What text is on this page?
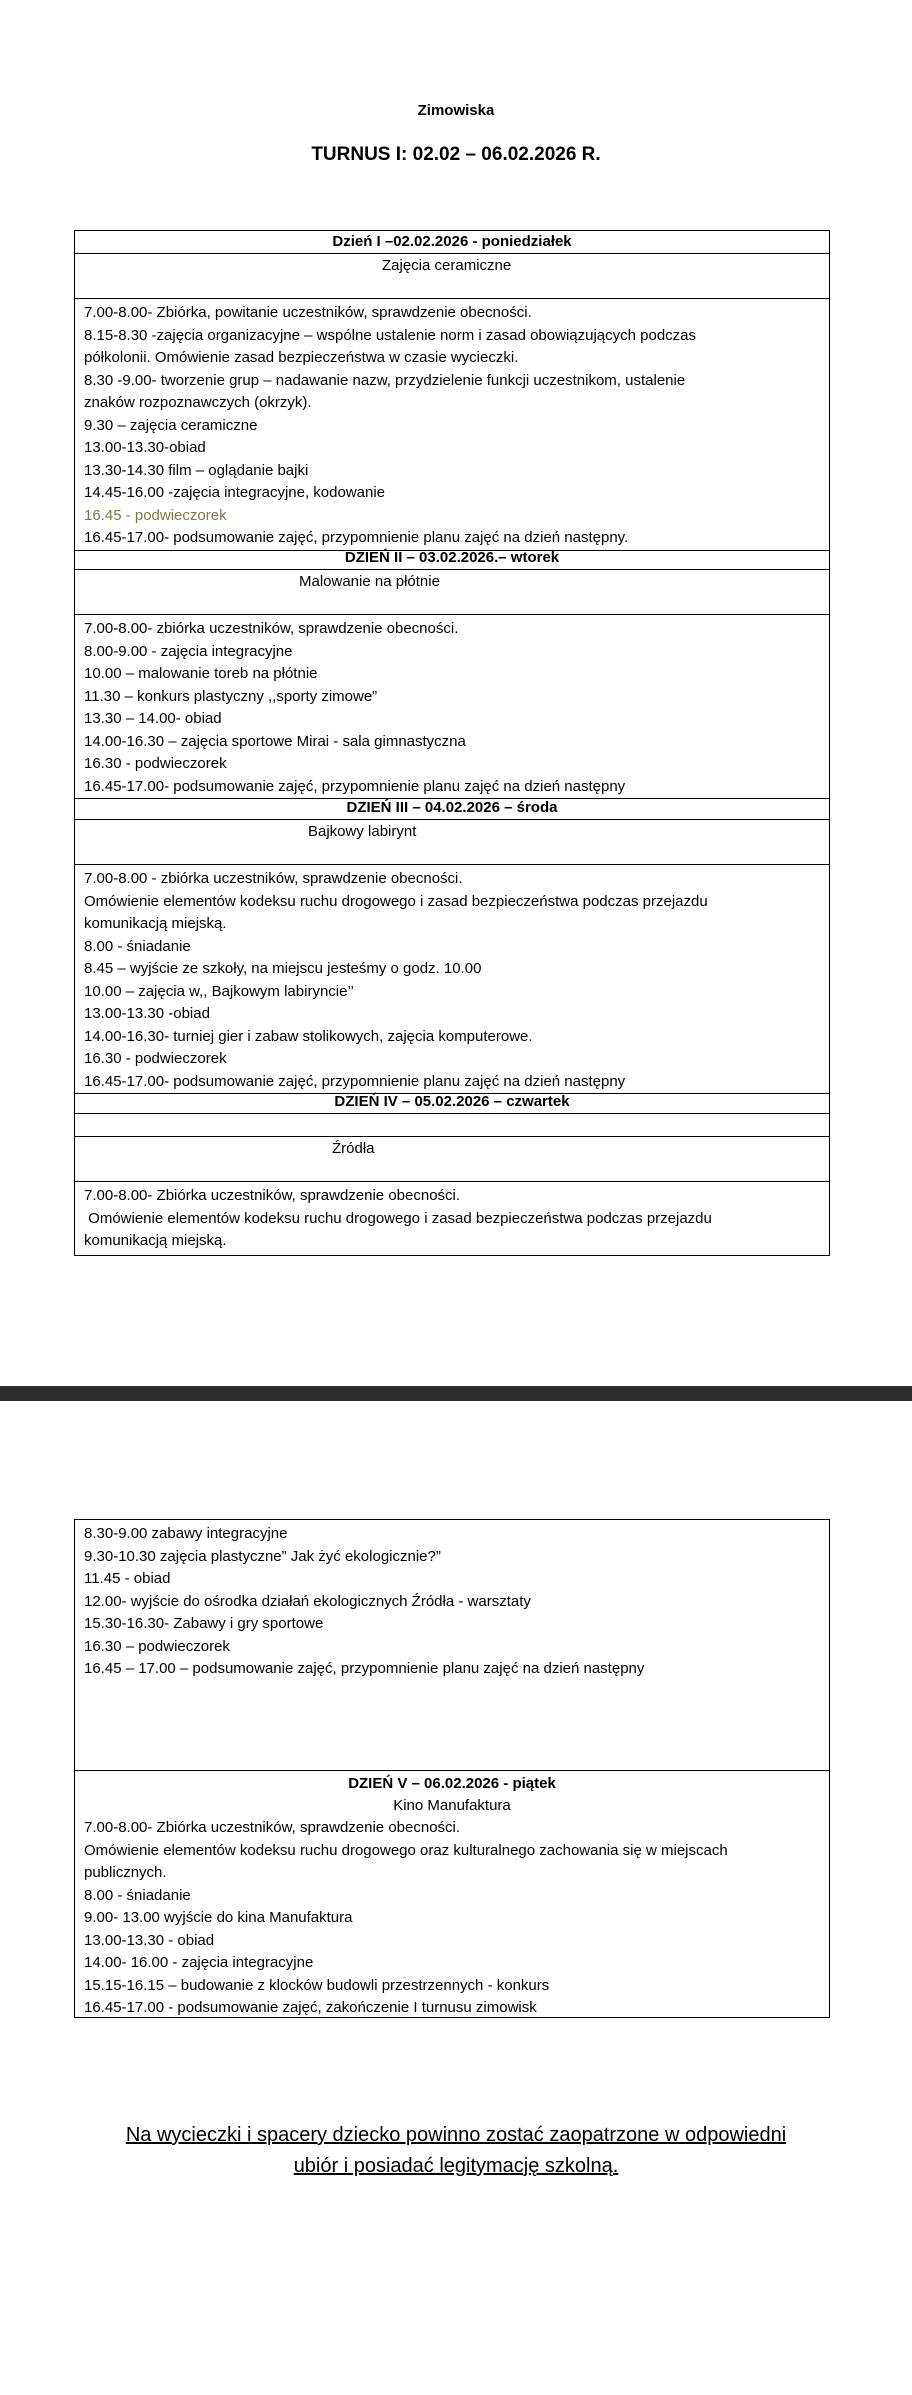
Zimowiska
TURNUS I: 02.02 – 06.02.2026 R.
Dzień I –02.02.2026 - poniedziałek
Zajęcia ceramiczne
7.00-8.00- Zbiórka, powitanie uczestników, sprawdzenie obecności.
8.15-8.30 -zajęcia organizacyjne – wspólne ustalenie norm i zasad obowiązujących podczas
półkolonii. Omówienie zasad bezpieczeństwa w czasie wycieczki.
8.30 -9.00- tworzenie grup – nadawanie nazw, przydzielenie funkcji uczestnikom, ustalenie
znaków rozpoznawczych (okrzyk).
9.30 – zajęcia ceramiczne
13.00-13.30-obiad
13.30-14.30 film – oglądanie bajki
14.45-16.00 -zajęcia integracyjne, kodowanie
16.45 - podwieczorek
16.45-17.00- podsumowanie zajęć, przypomnienie planu zajęć na dzień następny.
DZIEŃ II – 03.02.2026.– wtorek
Malowanie na płótnie
7.00-8.00- zbiórka uczestników, sprawdzenie obecności.
8.00-9.00 - zajęcia integracyjne
10.00 – malowanie toreb na płótnie
11.30 – konkurs plastyczny ,,sporty zimowe”
13.30 – 14.00- obiad
14.00-16.30 – zajęcia sportowe Mirai - sala gimnastyczna
16.30 - podwieczorek
16.45-17.00- podsumowanie zajęć, przypomnienie planu zajęć na dzień następny
DZIEŃ III – 04.02.2026 – środa
Bajkowy labirynt
7.00-8.00 - zbiórka uczestników, sprawdzenie obecności.
Omówienie elementów kodeksu ruchu drogowego i zasad bezpieczeństwa podczas przejazdu
komunikacją miejską.
8.00 - śniadanie
8.45 – wyjście ze szkoły, na miejscu jesteśmy o godz. 10.00
10.00 – zajęcia w,, Bajkowym labiryncie’’
13.00-13.30 -obiad
14.00-16.30- turniej gier i zabaw stolikowych, zajęcia komputerowe.
16.30 - podwieczorek
16.45-17.00- podsumowanie zajęć, przypomnienie planu zajęć na dzień następny
DZIEŃ IV – 05.02.2026 – czwartek
Źródła
7.00-8.00- Zbiórka uczestników, sprawdzenie obecności.
Omówienie elementów kodeksu ruchu drogowego i zasad bezpieczeństwa podczas przejazdu
komunikacją miejską.
8.30-9.00 zabawy integracyjne
9.30-10.30 zajęcia plastyczne” Jak żyć ekologicznie?”
11.45 - obiad
12.00- wyjście do ośrodka działań ekologicznych Źródła - warsztaty
15.30-16.30- Zabawy i gry sportowe
16.30 – podwieczorek
16.45 – 17.00 – podsumowanie zajęć, przypomnienie planu zajęć na dzień następny
DZIEŃ V – 06.02.2026 - piątek
Kino Manufaktura
7.00-8.00- Zbiórka uczestników, sprawdzenie obecności.
Omówienie elementów kodeksu ruchu drogowego oraz kulturalnego zachowania się w miejscach
publicznych.
8.00 - śniadanie
9.00- 13.00 wyjście do kina Manufaktura
13.00-13.30 - obiad
14.00- 16.00 - zajęcia integracyjne
15.15-16.15 – budowanie z klocków budowli przestrzennych - konkurs
16.45-17.00 - podsumowanie zajęć, zakończenie I turnusu zimowisk
Na wycieczki i spacery dziecko powinno zostać zaopatrzone w odpowiedni
ubiór i posiadać legitymację szkolną.
